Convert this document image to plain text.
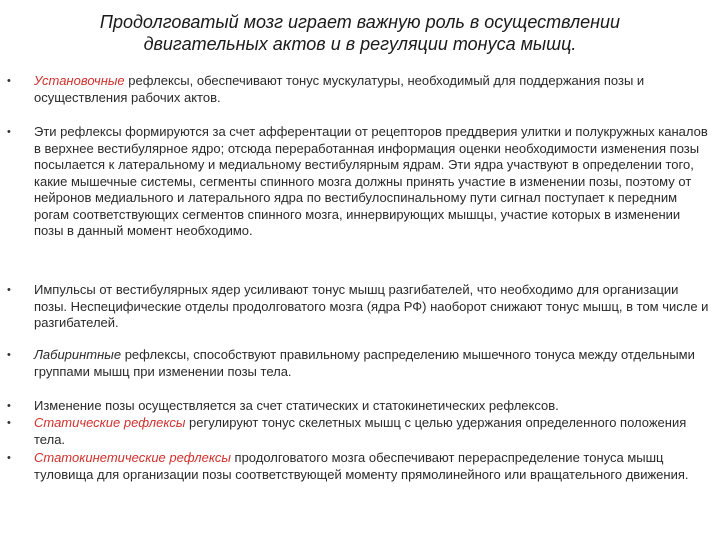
Продолговатый мозг играет важную роль в осуществлении
двигательных актов и в регуляции тонуса мышц.
• Установочные рефлексы, обеспечивают тонус мускулатуры, необходимый для поддержания позы и осуществления рабочих актов.
• Эти рефлексы формируются за счет афферентации от рецепторов преддверия улитки и полукружных каналов в верхнее вестибулярное ядро; отсюда переработанная информация оценки необходимости изменения позы посылается к латеральному и медиальному вестибулярным ядрам. Эти ядра участвуют в определении того, какие мышечные системы, сегменты спинного мозга должны принять участие в изменении позы, поэтому от нейронов медиального и латерального ядра по вестибулоспинальному пути сигнал поступает к передним рогам соответствующих сегментов спинного мозга, иннервирующих мышцы, участие которых в изменении позы в данный момент необходимо.
• Импульсы от вестибулярных ядер усиливают тонус мышц разгибателей, что необходимо для организации позы. Неспецифические отделы продолговатого мозга (ядра РФ) наоборот снижают тонус мышц, в том числе и разгибателей.
• Лабиринтные рефлексы, способствуют правильному распределению мышечного тонуса между отдельными группами мышц при изменении позы тела.
• Изменение позы осуществляется за счет статических и статокинетических рефлексов.
• Статические рефлексы регулируют тонус скелетных мышц с целью удержания определенного положения тела.
• Статокинетические рефлексы продолговатого мозга обеспечивают перераспределение тонуса мышц туловища для организации позы соответствующей моменту прямолинейного или вращательного движения.
